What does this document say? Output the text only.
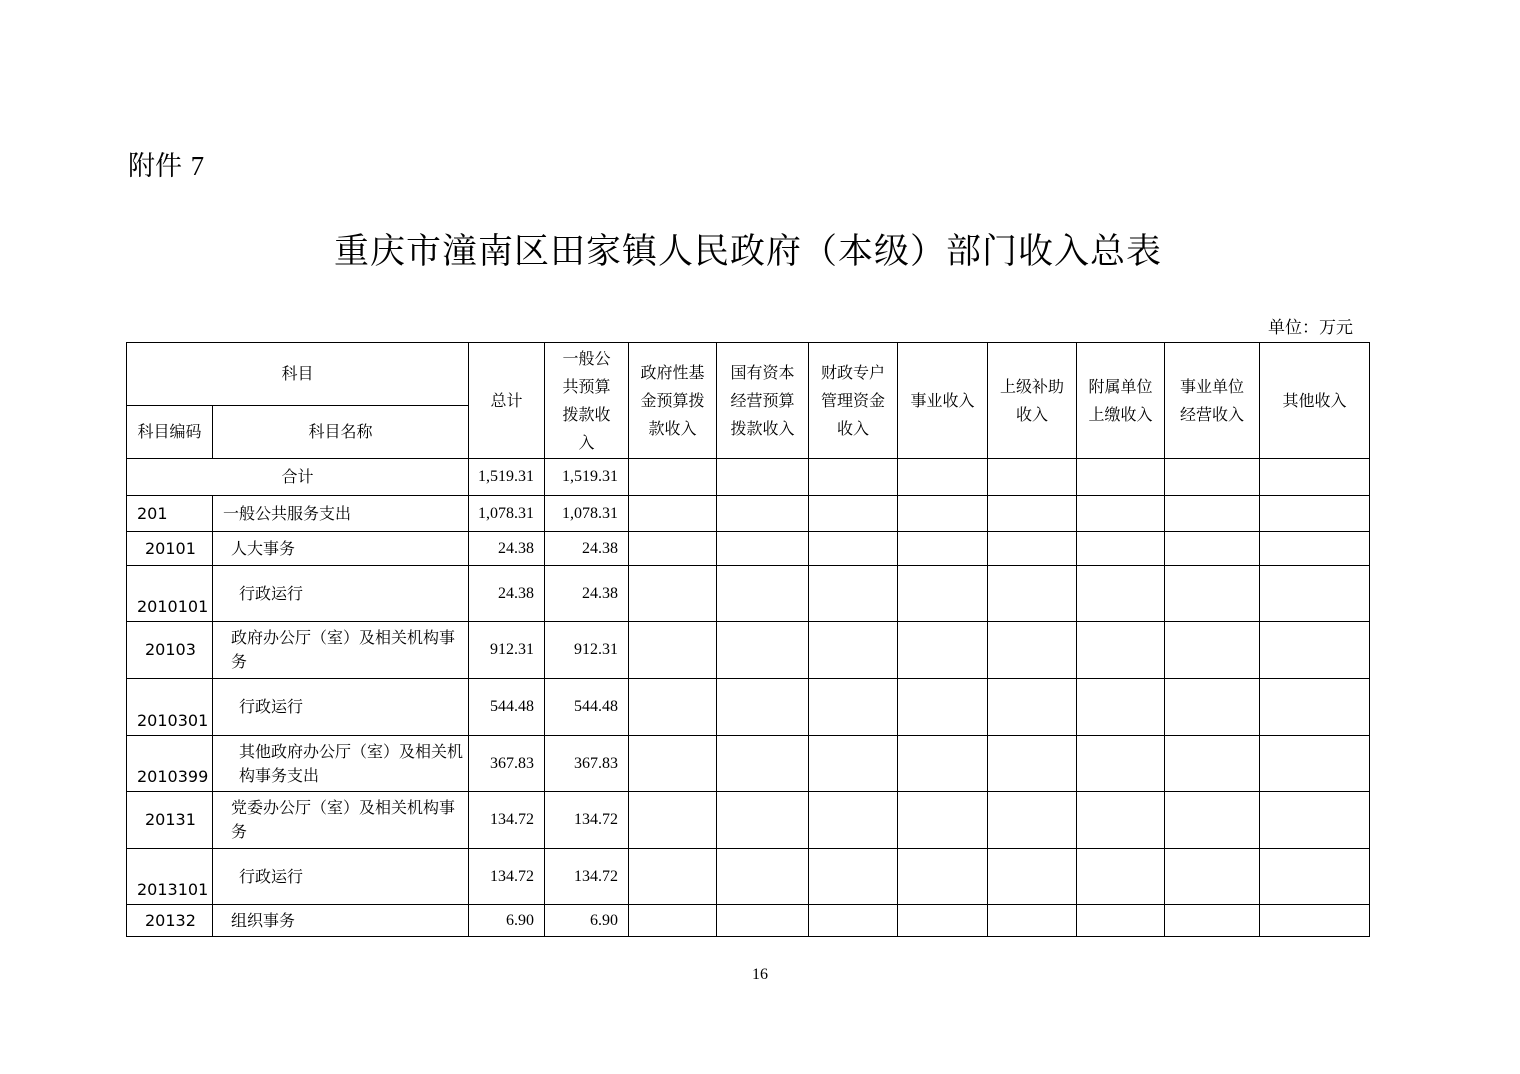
附件 7
重庆市潼南区田家镇人民政府（本级）部门收入总表
单位：万元
科目		总计	一般公共预算拨款收入	政府性基金预算拨款收入	国有资本经营预算拨款收入	财政专户管理资金收入	事业收入	上级补助收入	附属单位上缴收入	事业单位经营收入	其他收入
科目编码	科目名称										
合计		1,519.31	1,519.31								
201	一般公共服务支出	1,078.31	1,078.31								
20101	人大事务	24.38	24.38								
2010101	行政运行	24.38	24.38								
20103	政府办公厅（室）及相关机构事务	912.31	912.31								
2010301	行政运行	544.48	544.48								
2010399	其他政府办公厅（室）及相关机构事务支出	367.83	367.83								
20131	党委办公厅（室）及相关机构事务	134.72	134.72								
2013101	行政运行	134.72	134.72								
20132	组织事务	6.90	6.90								
16
